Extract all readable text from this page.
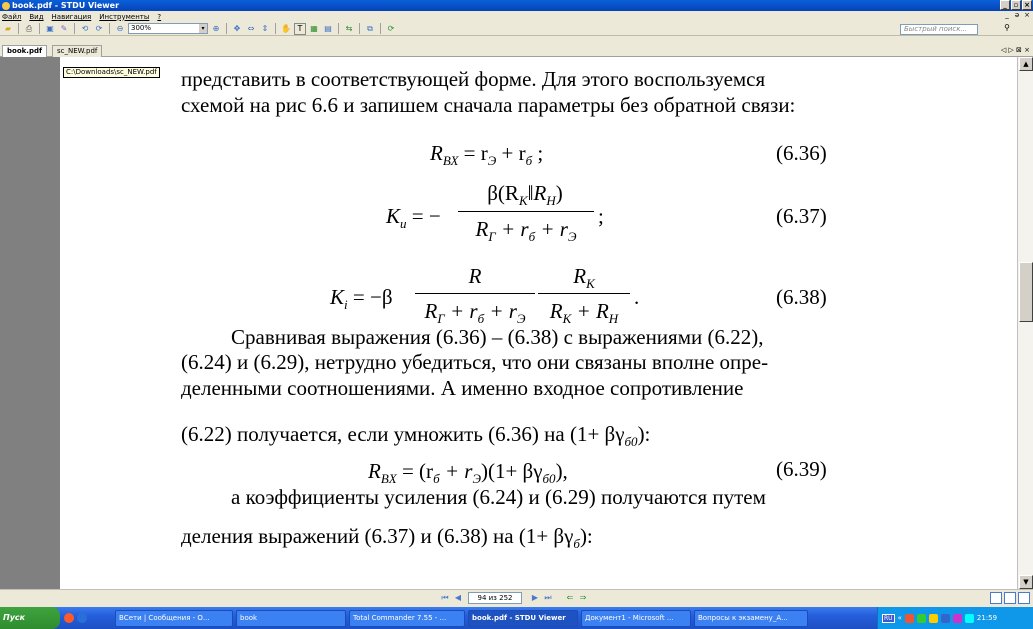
book.pdf - STDU Viewer	_ ▫ ×
Файл Вид Навигация Инструменты ?	_ ǝ ×
▰	⎙	▣ ✎	⟲ ⟳	⊖	300%	▾	⊕	✥ ⇔ ⇕	✋ T ▦ ▤	⇆	⧉	⟳	Быстрый поиск...	⚲
book.pdf	sc_NEW.pdf	◁ ▷ ⊠ ×
представить в соответствующей форме. Для этого воспользуемся
схемой на рис 6.6 и запишем сначала параметры без обратной связи:
$R_{ВХ} = r_Э + r_б$ ;	(6.36)
$K_u$ = −
$\beta(R_K‖R_Н)$
$R_Г + r_б + r_Э$
;	(6.37)
$K_i = -\beta$
R
$R_Г + r_б + r_Э$
$R_K$
$R_K + R_Н$
.	(6.38)
Сравнивая выражения (6.36) – (6.38) с выражениями (6.22),
(6.24) и (6.29), нетрудно убедиться, что они связаны вполне опре-
деленными соотношениями. А именно входное сопротивление
(6.22) получается, если умножить (6.36) на $(1+ \beta\gamma_{б0})$:
$R_{BX} = (r_б + r_Э)(1+ \beta\gamma_{б0})$,	(6.39)
а коэффициенты усиления (6.24) и (6.29) получаются путем
деления выражений (6.37) и (6.38) на $(1+ \beta\gamma_б)$:
C:\Downloads\sc_NEW.pdf
▲
▼
⏮ ◀	94 из 252	▶ ⏭ ⇐ ⇒
Пуск	ВСети | Сообщения - О...	book	Total Commander 7.55 - ...	book.pdf - STDU Viewer	Документ1 - Microsoft ...	Вопросы к экзамену_А...	RU «	21:59
